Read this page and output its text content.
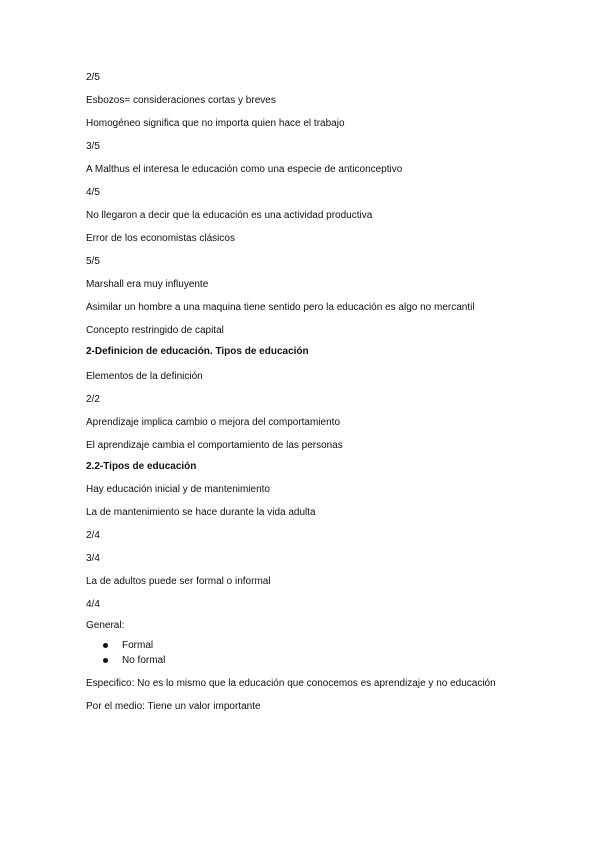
2/5
Esbozos= consideraciones cortas y breves
Homogéneo significa que no importa quien hace el trabajo
3/5
A Malthus el interesa le educación como una especie de anticonceptivo
4/5
No llegaron a decir que la educación es una actividad productiva
Error de los economistas clásicos
5/5
Marshall era muy influyente
Asimilar un hombre a una maquina tiene sentido pero la educación es algo no mercantil
Concepto restringido de capital
2-Definicion de educación. Tipos de educación
Elementos de la definición
2/2
Aprendizaje implica cambio o mejora del comportamiento
El aprendizaje cambia el comportamiento de las personas
2.2-Tipos de educación
Hay educación inicial y de mantenimiento
La de mantenimiento se hace durante la vida adulta
2/4
3/4
La de adultos puede ser formal o informal
4/4
General:
Formal
No formal
Especifico: No es lo mismo que la educación que conocemos es aprendizaje y no educación
Por el medio: Tiene un valor importante
